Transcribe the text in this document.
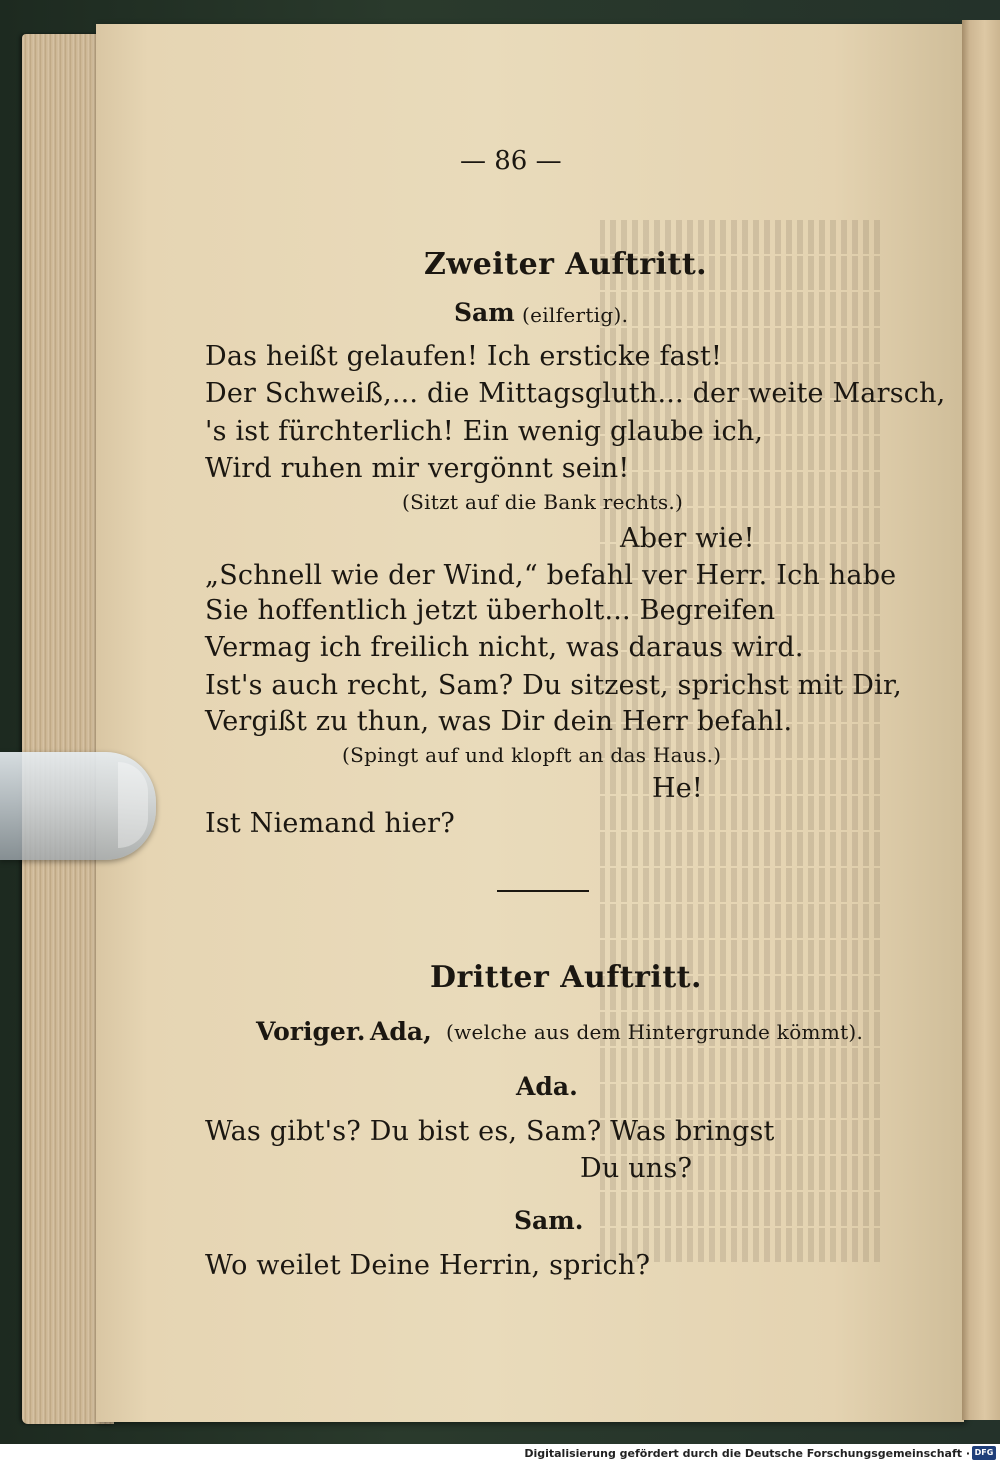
— 86 —
Zweiter Auftritt.
Sam (eilfertig).
Das heißt gelaufen! Ich ersticke fast!
Der Schweiß,... die Mittagsgluth... der weite Marsch,
's ist fürchterlich! Ein wenig glaube ich,
Wird ruhen mir vergönnt sein!
(Sitzt auf die Bank rechts.)
Aber wie!
„Schnell wie der Wind,“ befahl ver Herr. Ich habe
Sie hoffentlich jetzt überholt... Begreifen
Vermag ich freilich nicht, was daraus wird.
Ist's auch recht, Sam? Du sitzest, sprichst mit Dir,
Vergißt zu thun, was Dir dein Herr befahl.
(Spingt auf und klopft an das Haus.)
He!
Ist Niemand hier?
Dritter Auftritt.
Voriger. Ada, (welche aus dem Hintergrunde kömmt).
Ada.
Was gibt's? Du bist es, Sam? Was bringst
Du uns?
Sam.
Wo weilet Deine Herrin, sprich?
Digitalisierung gefördert durch die Deutsche Forschungsgemeinschaft · DFG
